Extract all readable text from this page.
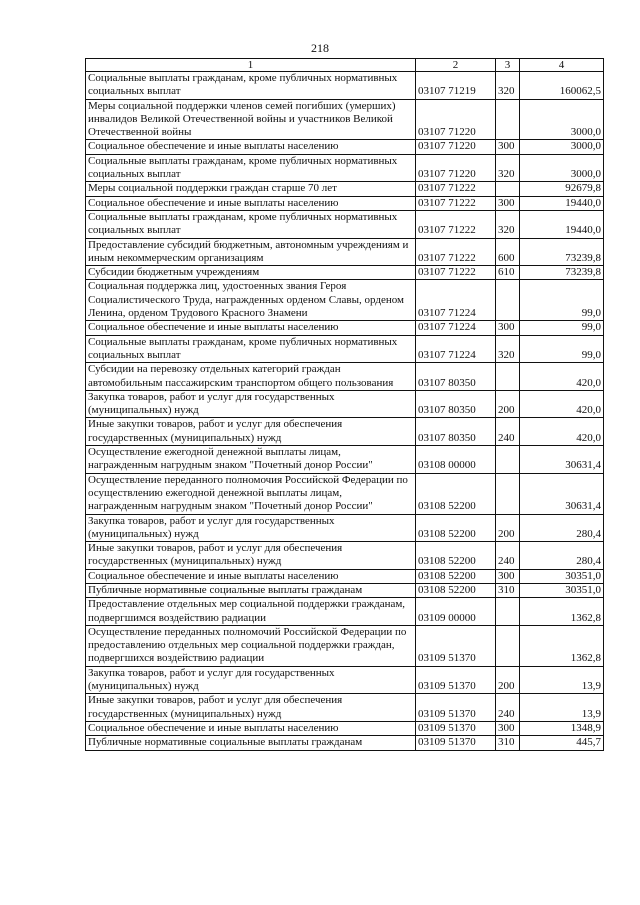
218
1	2	3	4
Социальные выплаты гражданам, кроме публичных нормативных социальных выплат	03107 71219	320	160062,5
Меры социальной поддержки членов семей погибших (умерших) инвалидов Великой Отечественной войны и участников Великой Отечественной войны	03107 71220		3000,0
Социальное обеспечение и иные выплаты населению	03107 71220	300	3000,0
Социальные выплаты гражданам, кроме публичных нормативных социальных выплат	03107 71220	320	3000,0
Меры социальной поддержки граждан старше 70 лет	03107 71222		92679,8
Социальное обеспечение и иные выплаты населению	03107 71222	300	19440,0
Социальные выплаты гражданам, кроме публичных нормативных социальных выплат	03107 71222	320	19440,0
Предоставление субсидий бюджетным, автономным учреждениям и иным некоммерческим организациям	03107 71222	600	73239,8
Субсидии бюджетным учреждениям	03107 71222	610	73239,8
Социальная поддержка лиц, удостоенных звания Героя Социалистического Труда, награжденных орденом Славы, орденом Ленина, орденом Трудового Красного Знамени	03107 71224		99,0
Социальное обеспечение и иные выплаты населению	03107 71224	300	99,0
Социальные выплаты гражданам, кроме публичных нормативных социальных выплат	03107 71224	320	99,0
Субсидии на перевозку отдельных категорий граждан автомобильным пассажирским транспортом общего пользования	03107 80350		420,0
Закупка товаров, работ и услуг для государственных (муниципальных) нужд	03107 80350	200	420,0
Иные закупки товаров, работ и услуг для обеспечения государственных (муниципальных) нужд	03107 80350	240	420,0
Осуществление ежегодной денежной выплаты лицам, награжденным нагрудным знаком "Почетный донор России"	03108 00000		30631,4
Осуществление переданного полномочия Российской Федерации по осуществлению ежегодной денежной выплаты лицам, награжденным нагрудным знаком "Почетный донор России"	03108 52200		30631,4
Закупка товаров, работ и услуг для государственных (муниципальных) нужд	03108 52200	200	280,4
Иные закупки товаров, работ и услуг для обеспечения государственных (муниципальных) нужд	03108 52200	240	280,4
Социальное обеспечение и иные выплаты населению	03108 52200	300	30351,0
Публичные нормативные социальные выплаты гражданам	03108 52200	310	30351,0
Предоставление отдельных мер социальной поддержки гражданам, подвергшимся воздействию радиации	03109 00000		1362,8
Осуществление переданных полномочий Российской Федерации по предоставлению отдельных мер социальной поддержки граждан, подвергшихся воздействию радиации	03109 51370		1362,8
Закупка товаров, работ и услуг для государственных (муниципальных) нужд	03109 51370	200	13,9
Иные закупки товаров, работ и услуг для обеспечения государственных (муниципальных) нужд	03109 51370	240	13,9
Социальное обеспечение и иные выплаты населению	03109 51370	300	1348,9
Публичные нормативные социальные выплаты гражданам	03109 51370	310	445,7
